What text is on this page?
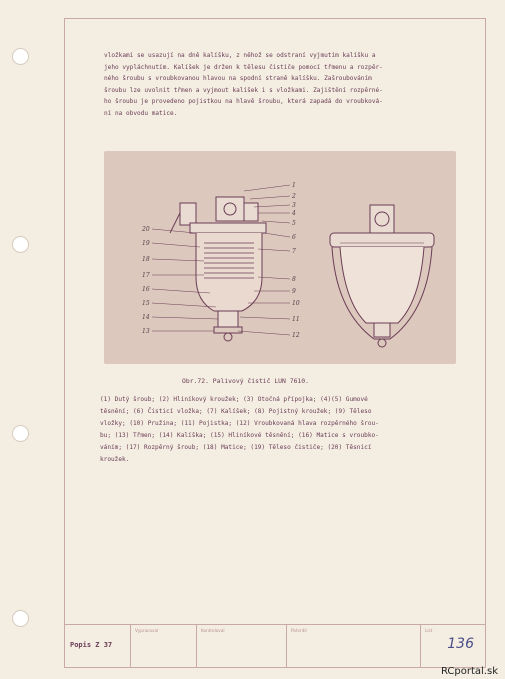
vložkami se usazují na dně kalíšku, z něhož se odstraní vyjmutím kalíšku a

jeho vypláchnutím. Kalíšek je držen k tělesu čističe pomocí třmenu a rozpěr-

ného šroubu s vroubkovanou hlavou na spodní straně kalíšku. Zašroubováním

šroubu lze uvolnit třmen a vyjmout kalíšek i s vložkami. Zajištění rozpěrné-

ho šroubu je provedeno pojistkou na hlavě šroubu, která zapadá do vroubková-

ní na obvodu matice.

20
19
18
17
16
15
14
13
1
2
3
4
5
6
7
8
9
10
11
12
Obr.72. Palivový čistič LUN 7610.
(1) Dutý šroub; (2) Hliníkový kroužek; (3) Otočná přípojka; (4)(5) Gumové
těsnění; (6) Čisticí vložka; (7) Kalíšek; (8) Pojistný kroužek; (9) Těleso
vložky; (10) Pružina; (11) Pojistka; (12) Vroubkovaná hlava rozpěrného šrou-
bu; (13) Třmen; (14) Kalíška; (15) Hliníkové těsnění; (16) Matice s vroubko-
váním; (17) Rozpěrný šroub; (18) Matice; (19) Těleso čističe; (20) Těsnicí
kroužek.
Popis Z 37
Vypracoval	Kontroloval	Potvrdil	List
136
RCportal.sk
